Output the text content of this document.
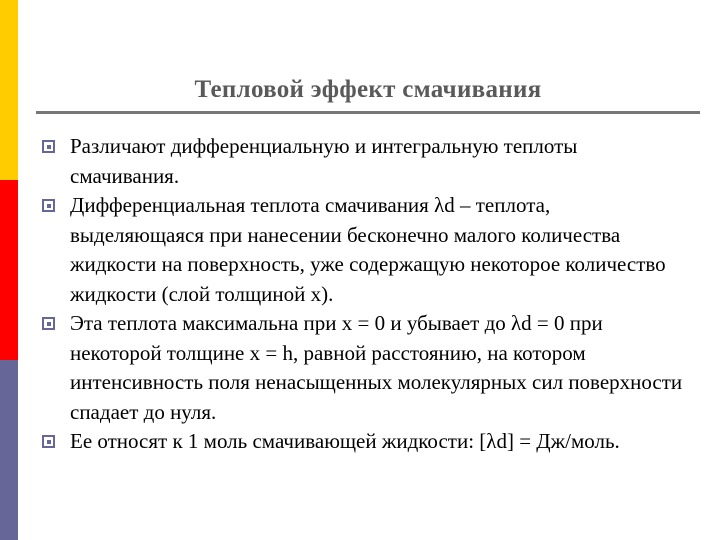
Тепловой эффект смачивания
Различают дифференциальную и интегральную теплоты смачивания.
Дифференциальная теплота смачивания λd – теплота, выделяющаяся при нанесении бесконечно малого количества жидкости на поверхность, уже содержащую некоторое количество жидкости (слой толщиной х).
Эта теплота максимальна при х = 0 и убывает до λd = 0 при некоторой толщине х = h, равной расстоянию, на котором интенсивность поля ненасыщенных молекулярных сил поверхности спадает до нуля.
Ее относят к 1 моль смачивающей жидкости: [λd] = Дж/моль.
